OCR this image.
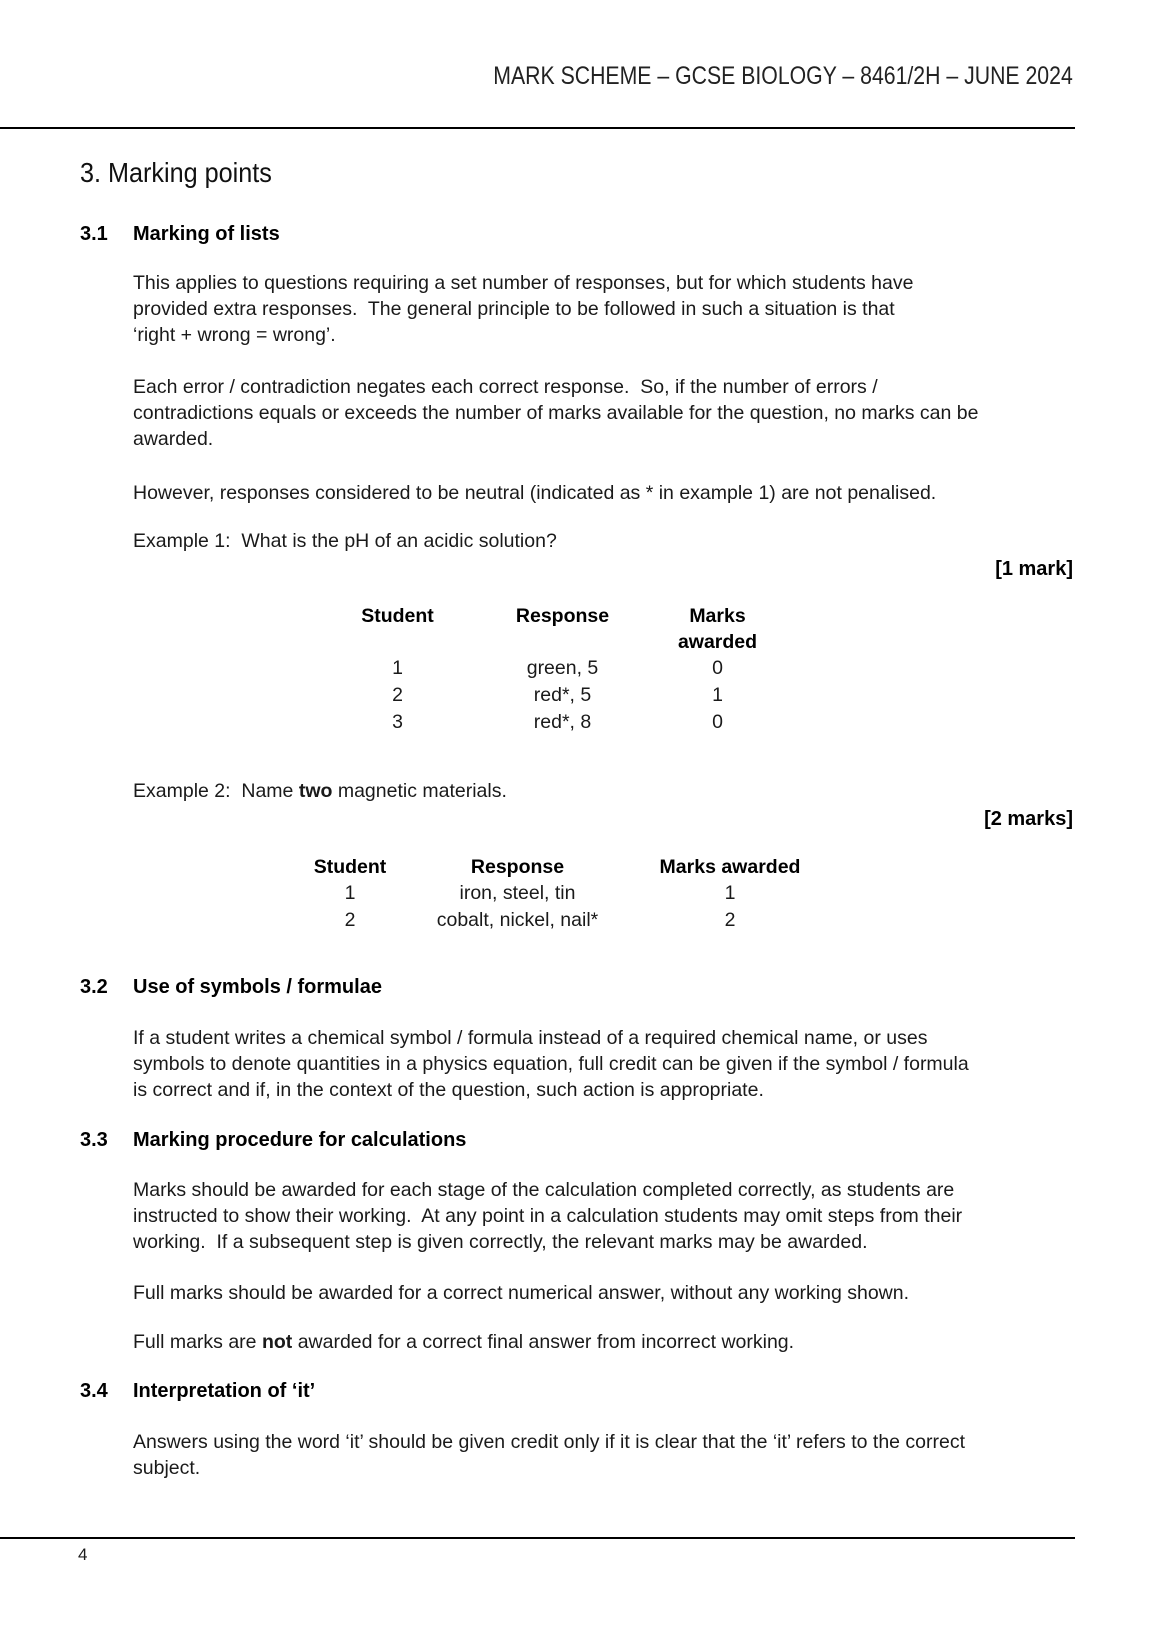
MARK SCHEME – GCSE BIOLOGY – 8461/2H – JUNE 2024
3. Marking points
3.1	Marking of lists
This applies to questions requiring a set number of responses, but for which students have
provided extra responses.  The general principle to be followed in such a situation is that
‘right + wrong = wrong’.
Each error / contradiction negates each correct response.  So, if the number of errors /
contradictions equals or exceeds the number of marks available for the question, no marks can be
awarded.
However, responses considered to be neutral (indicated as * in example 1) are not penalised.
Example 1:  What is the pH of an acidic solution?
[1 mark]
Student	Response	Marks awarded
1	green, 5	0
2	red*, 5	1
3	red*, 8	0
Example 2:  Name two magnetic materials.
[2 marks]
Student	Response	Marks awarded
1	iron, steel, tin	1
2	cobalt, nickel, nail*	2
3.2	Use of symbols / formulae
If a student writes a chemical symbol / formula instead of a required chemical name, or uses
symbols to denote quantities in a physics equation, full credit can be given if the symbol / formula
is correct and if, in the context of the question, such action is appropriate.
3.3	Marking procedure for calculations
Marks should be awarded for each stage of the calculation completed correctly, as students are
instructed to show their working.  At any point in a calculation students may omit steps from their
working.  If a subsequent step is given correctly, the relevant marks may be awarded.
Full marks should be awarded for a correct numerical answer, without any working shown.
Full marks are not awarded for a correct final answer from incorrect working.
3.4	Interpretation of ‘it’
Answers using the word ‘it’ should be given credit only if it is clear that the ‘it’ refers to the correct
subject.
4
